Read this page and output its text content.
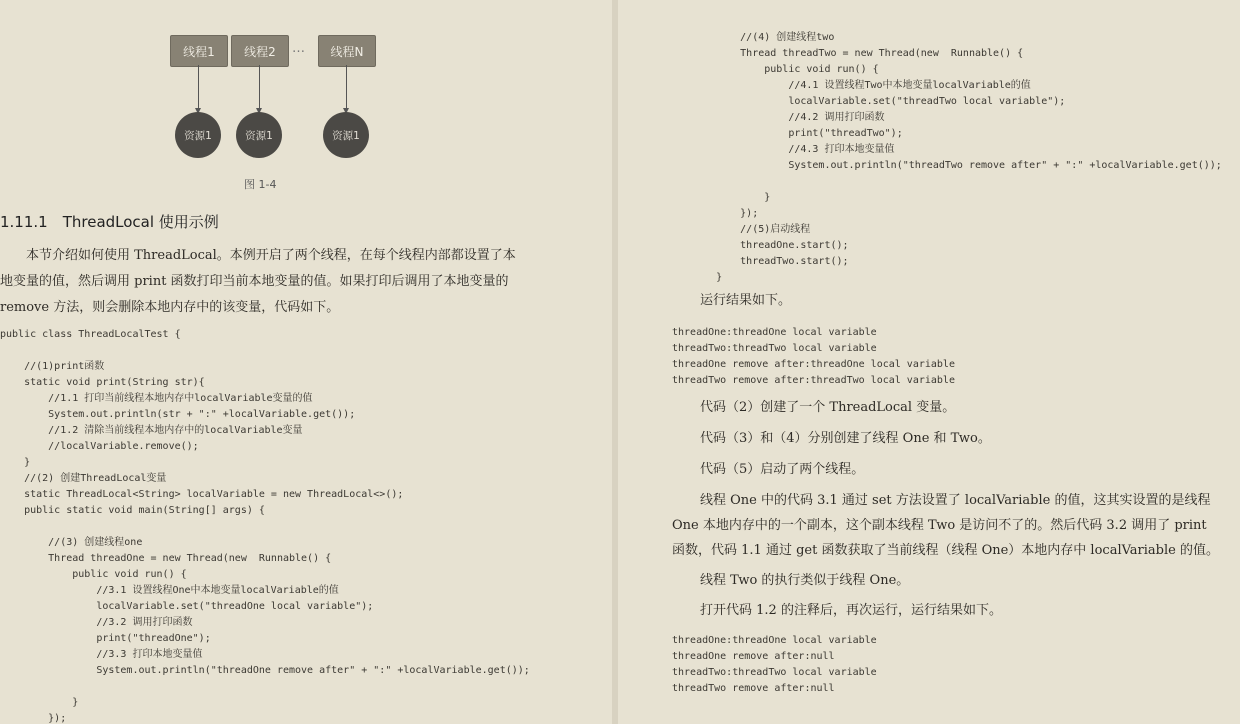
线程1	线程2	…	线程N
资源1	资源1	资源1
图 1-4
1.11.1　ThreadLocal 使用示例
本节介绍如何使用 ThreadLocal。本例开启了两个线程，在每个线程内部都设置了本
地变量的值，然后调用 print 函数打印当前本地变量的值。如果打印后调用了本地变量的
remove 方法，则会删除本地内存中的该变量，代码如下。
public class ThreadLocalTest {

//(1)print函数
static void print(String str){
//1.1 打印当前线程本地内存中localVariable变量的值
System.out.println(str + ":" +localVariable.get());
//1.2 清除当前线程本地内存中的localVariable变量
//localVariable.remove();
}
//(2) 创建ThreadLocal变量
static ThreadLocal<String> localVariable = new ThreadLocal<>();
public static void main(String[] args) {

//(3) 创建线程one
Thread threadOne = new Thread(new  Runnable() {
public void run() {
//3.1 设置线程One中本地变量localVariable的值
localVariable.set("threadOne local variable");
//3.2 调用打印函数
print("threadOne");
//3.3 打印本地变量值
System.out.println("threadOne remove after" + ":" +localVariable.get());

}
});
//(4) 创建线程two
Thread threadTwo = new Thread(new  Runnable() {
public void run() {
//4.1 设置线程Two中本地变量localVariable的值
localVariable.set("threadTwo local variable");
//4.2 调用打印函数
print("threadTwo");
//4.3 打印本地变量值
System.out.println("threadTwo remove after" + ":" +localVariable.get());

}
});
//(5)启动线程
threadOne.start();
threadTwo.start();
}
运行结果如下。
threadOne:threadOne local variable
threadTwo:threadTwo local variable
threadOne remove after:threadOne local variable
threadTwo remove after:threadTwo local variable
代码（2）创建了一个 ThreadLocal 变量。
代码（3）和（4）分别创建了线程 One 和 Two。
代码（5）启动了两个线程。
线程 One 中的代码 3.1 通过 set 方法设置了 localVariable 的值，这其实设置的是线程
One 本地内存中的一个副本，这个副本线程 Two 是访问不了的。然后代码 3.2 调用了 print
函数，代码 1.1 通过 get 函数获取了当前线程（线程 One）本地内存中 localVariable 的值。
线程 Two 的执行类似于线程 One。
打开代码 1.2 的注释后，再次运行，运行结果如下。
threadOne:threadOne local variable
threadOne remove after:null
threadTwo:threadTwo local variable
threadTwo remove after:null
